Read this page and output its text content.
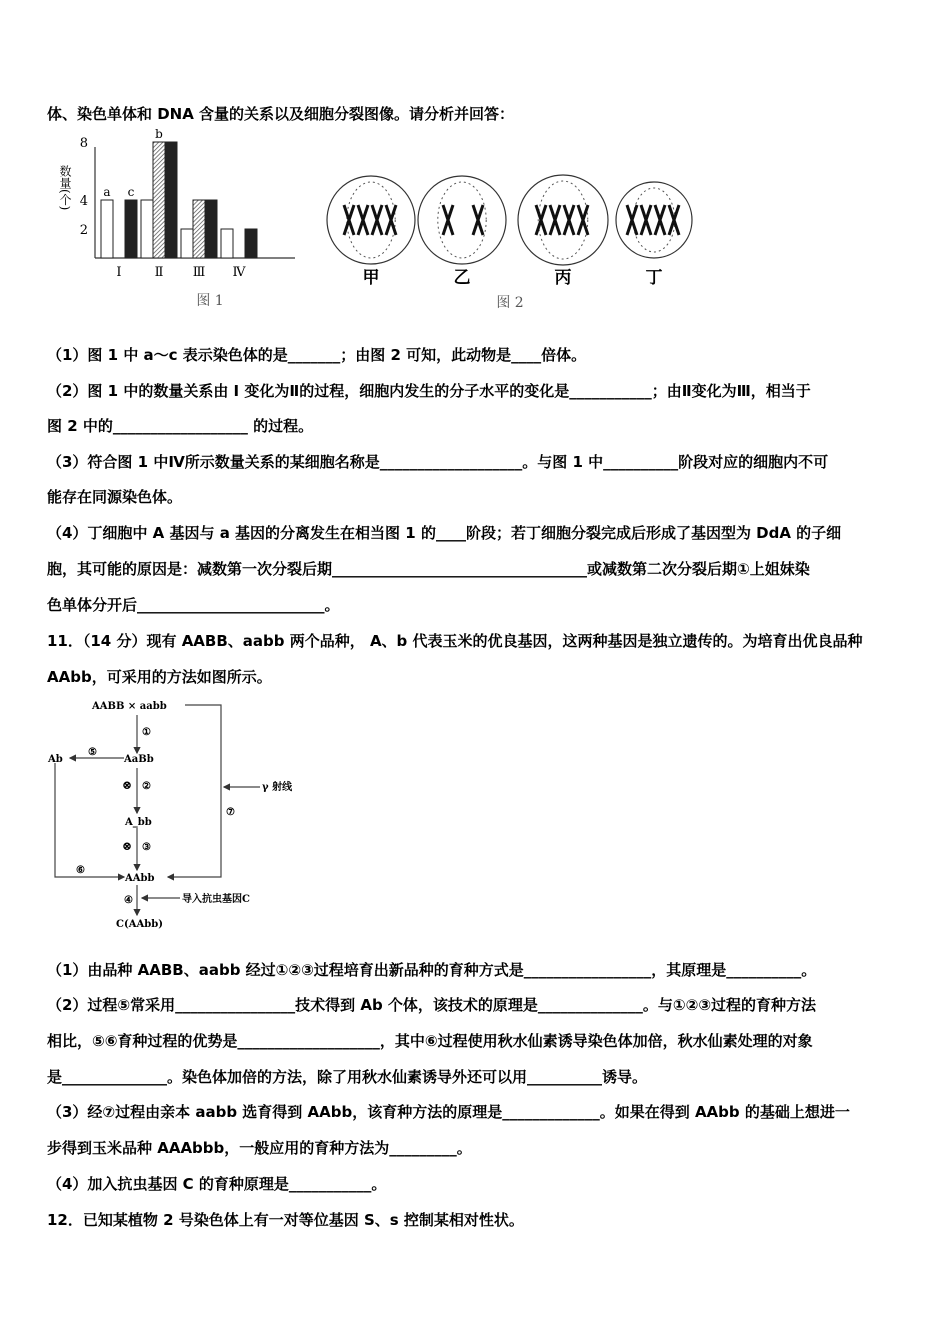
体、染色单体和 DNA 含量的关系以及细胞分裂图像。请分析并回答：
（1）图 1 中 a～c 表示染色体的是_______；由图 2 可知，此动物是____倍体。
（2）图 1 中的数量关系由 I 变化为Ⅱ的过程，细胞内发生的分子水平的变化是___________；由Ⅱ变化为Ⅲ，相当于
图 2 中的__________________ 的过程。
（3）符合图 1 中Ⅳ所示数量关系的某细胞名称是___________________。与图 1 中__________阶段对应的细胞内不可
能存在同源染色体。
（4）丁细胞中 A 基因与 a 基因的分离发生在相当图 1 的____阶段；若丁细胞分裂完成后形成了基因型为 DdA 的子细
胞，其可能的原因是：减数第一次分裂后期__________________________________或减数第二次分裂后期①上姐妹染
色单体分开后_________________________。
11．（14 分）现有 AABB、aabb 两个品种， A、b 代表玉米的优良基因，这两种基因是独立遗传的。为培育出优良品种
AAbb，可采用的方法如图所示。
（1）由品种 AABB、aabb 经过①②③过程培育出新品种的育种方式是_________________，其原理是__________。
（2）过程⑤常采用________________技术得到 Ab 个体，该技术的原理是______________。与①②③过程的育种方法
相比，⑤⑥育种过程的优势是___________________，其中⑥过程使用秋水仙素诱导染色体加倍，秋水仙素处理的对象
是______________。染色体加倍的方法，除了用秋水仙素诱导外还可以用__________诱导。
（3）经⑦过程由亲本 aabb 选育得到 AAbb，该育种方法的原理是_____________。如果在得到 AAbb 的基础上想进一
步得到玉米品种 AAAbbb，一般应用的育种方法为_________。
（4）加入抗虫基因 C 的育种原理是___________。
12．已知某植物 2 号染色体上有一对等位基因 S、s 控制某相对性状。
数量(个)
2
4
8
a c
Ⅰ
b
Ⅱ Ⅲ Ⅳ
图 1
甲	乙	丙	丁
图 2
AABB × aabb
①
AaBb
Ab
⑤
⊗ ②
A_bb
⊗ ③
⑥
AAbb
⑦
γ 射线
④	导入抗虫基因C
C(AAbb)
